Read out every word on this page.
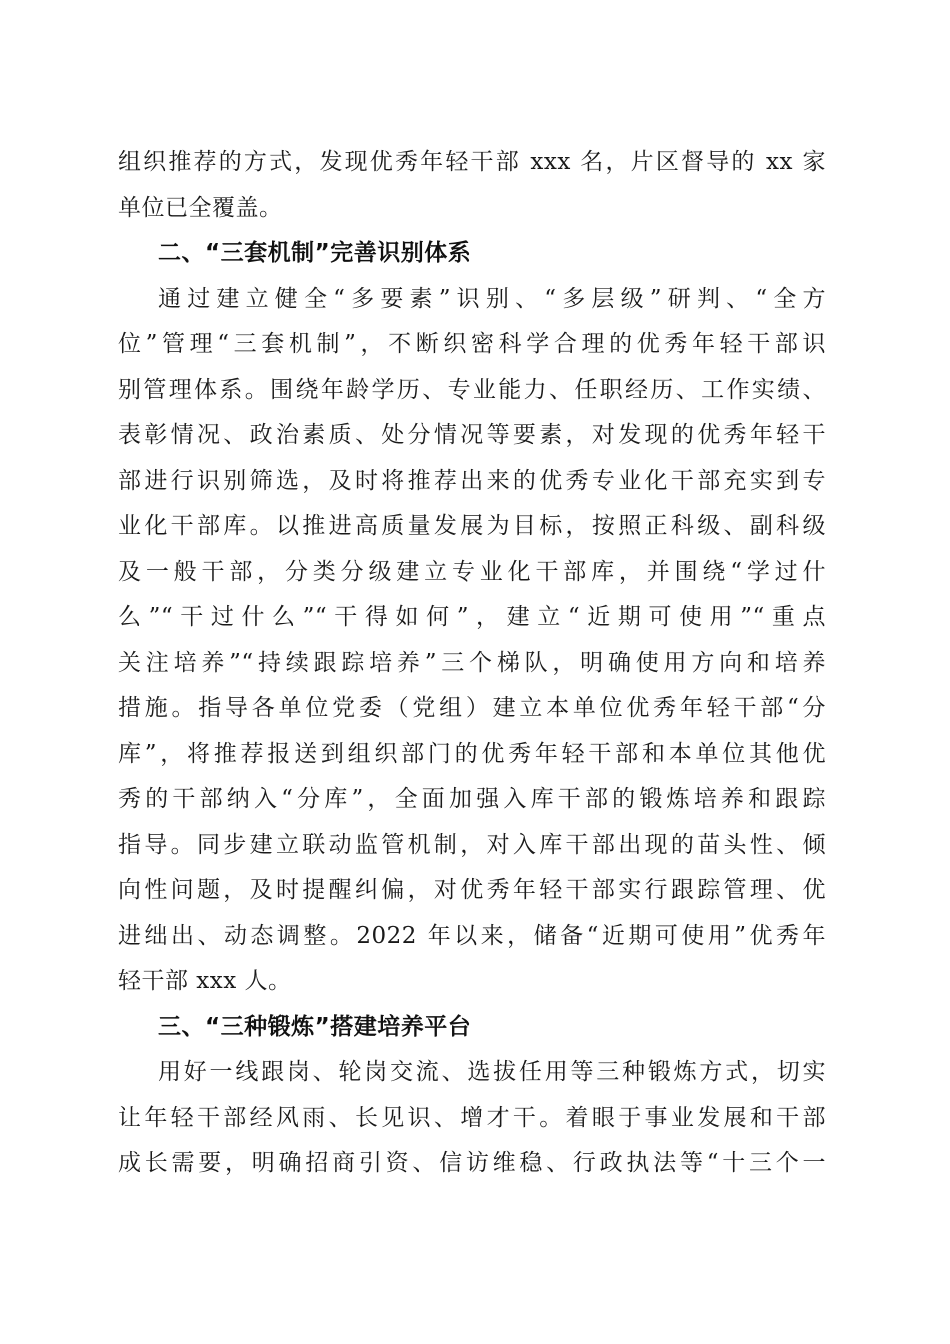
组织推荐的方式，发现优秀年轻干部 xxx 名，片区督导的 xx 家
单位已全覆盖。
二、“三套机制”完善识别体系
通过建立健全“多要素”识别、“多层级”研判、“全方
位”管理“三套机制”，不断织密科学合理的优秀年轻干部识
别管理体系。围绕年龄学历、专业能力、任职经历、工作实绩、
表彰情况、政治素质、处分情况等要素，对发现的优秀年轻干
部进行识别筛选，及时将推荐出来的优秀专业化干部充实到专
业化干部库。以推进高质量发展为目标，按照正科级、副科级
及一般干部，分类分级建立专业化干部库，并围绕“学过什
么”“干过什么”“干得如何”，建立“近期可使用”“重点
关注培养”“持续跟踪培养”三个梯队，明确使用方向和培养
措施。指导各单位党委（党组）建立本单位优秀年轻干部“分
库”，将推荐报送到组织部门的优秀年轻干部和本单位其他优
秀的干部纳入“分库”，全面加强入库干部的锻炼培养和跟踪
指导。同步建立联动监管机制，对入库干部出现的苗头性、倾
向性问题，及时提醒纠偏，对优秀年轻干部实行跟踪管理、优
进绌出、动态调整。2022 年以来，储备“近期可使用”优秀年
轻干部 xxx 人。
三、“三种锻炼”搭建培养平台
用好一线跟岗、轮岗交流、选拔任用等三种锻炼方式，切实
让年轻干部经风雨、长见识、增才干。着眼于事业发展和干部
成长需要，明确招商引资、信访维稳、行政执法等“十三个一
